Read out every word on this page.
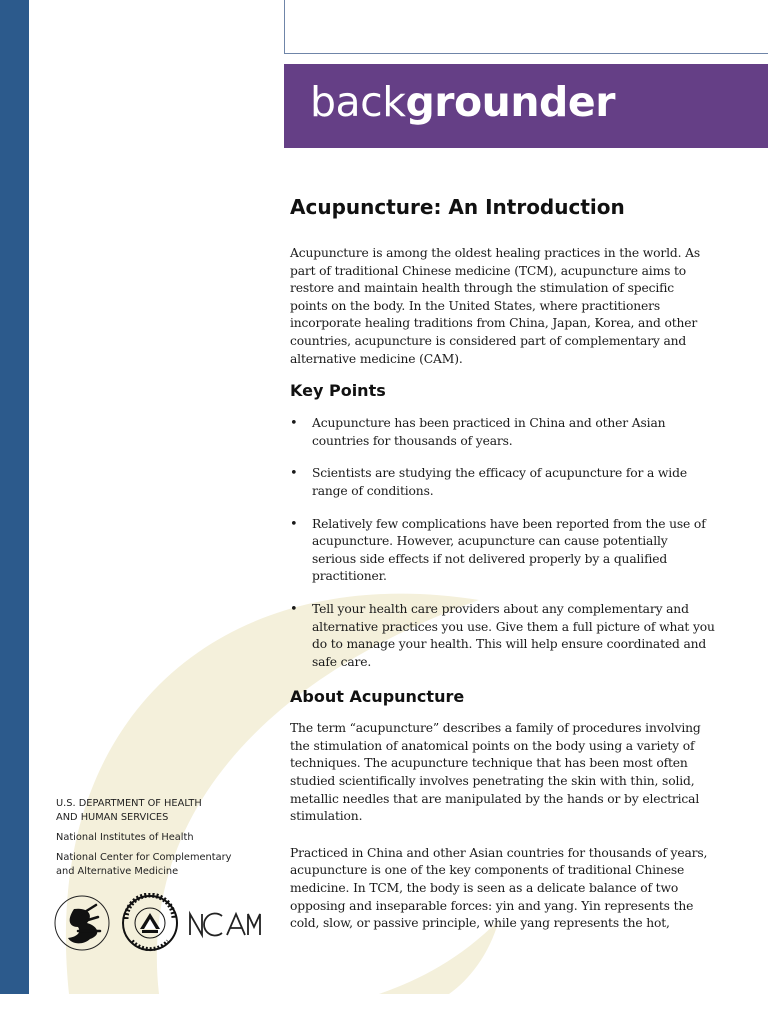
backgrounder
Acupuncture: An Introduction

Acupuncture is among the oldest healing practices in the world. As part of traditional Chinese medicine (TCM), acupuncture aims to restore and maintain health through the stimulation of specific points on the body. In the United States, where practitioners incorporate healing traditions from China, Japan, Korea, and other countries, acupuncture is considered part of complementary and alternative medicine (CAM).

Key Points
• Acupuncture has been practiced in China and other Asian countries for thousands of years.
• Scientists are studying the efficacy of acupuncture for a wide range of conditions.
• Relatively few complications have been reported from the use of acupuncture. However, acupuncture can cause potentially serious side effects if not delivered properly by a qualified practitioner.
• Tell your health care providers about any complementary and alternative practices you use. Give them a full picture of what you do to manage your health. This will help ensure coordinated and safe care.
About Acupuncture

The term “acupuncture” describes a family of procedures involving the stimulation of anatomical points on the body using a variety of techniques. The acupuncture technique that has been most often studied scientifically involves penetrating the skin with thin, solid, metallic needles that are manipulated by the hands or by electrical stimulation.

Practiced in China and other Asian countries for thousands of years, acupuncture is one of the key components of traditional Chinese medicine. In TCM, the body is seen as a delicate balance of two opposing and inseparable forces: yin and yang. Yin represents the cold, slow, or passive principle, while yang represents the hot,

U.S. DEPARTMENT OF HEALTH AND HUMAN SERVICES
National Institutes of Health
National Center for Complementary and Alternative Medicine
